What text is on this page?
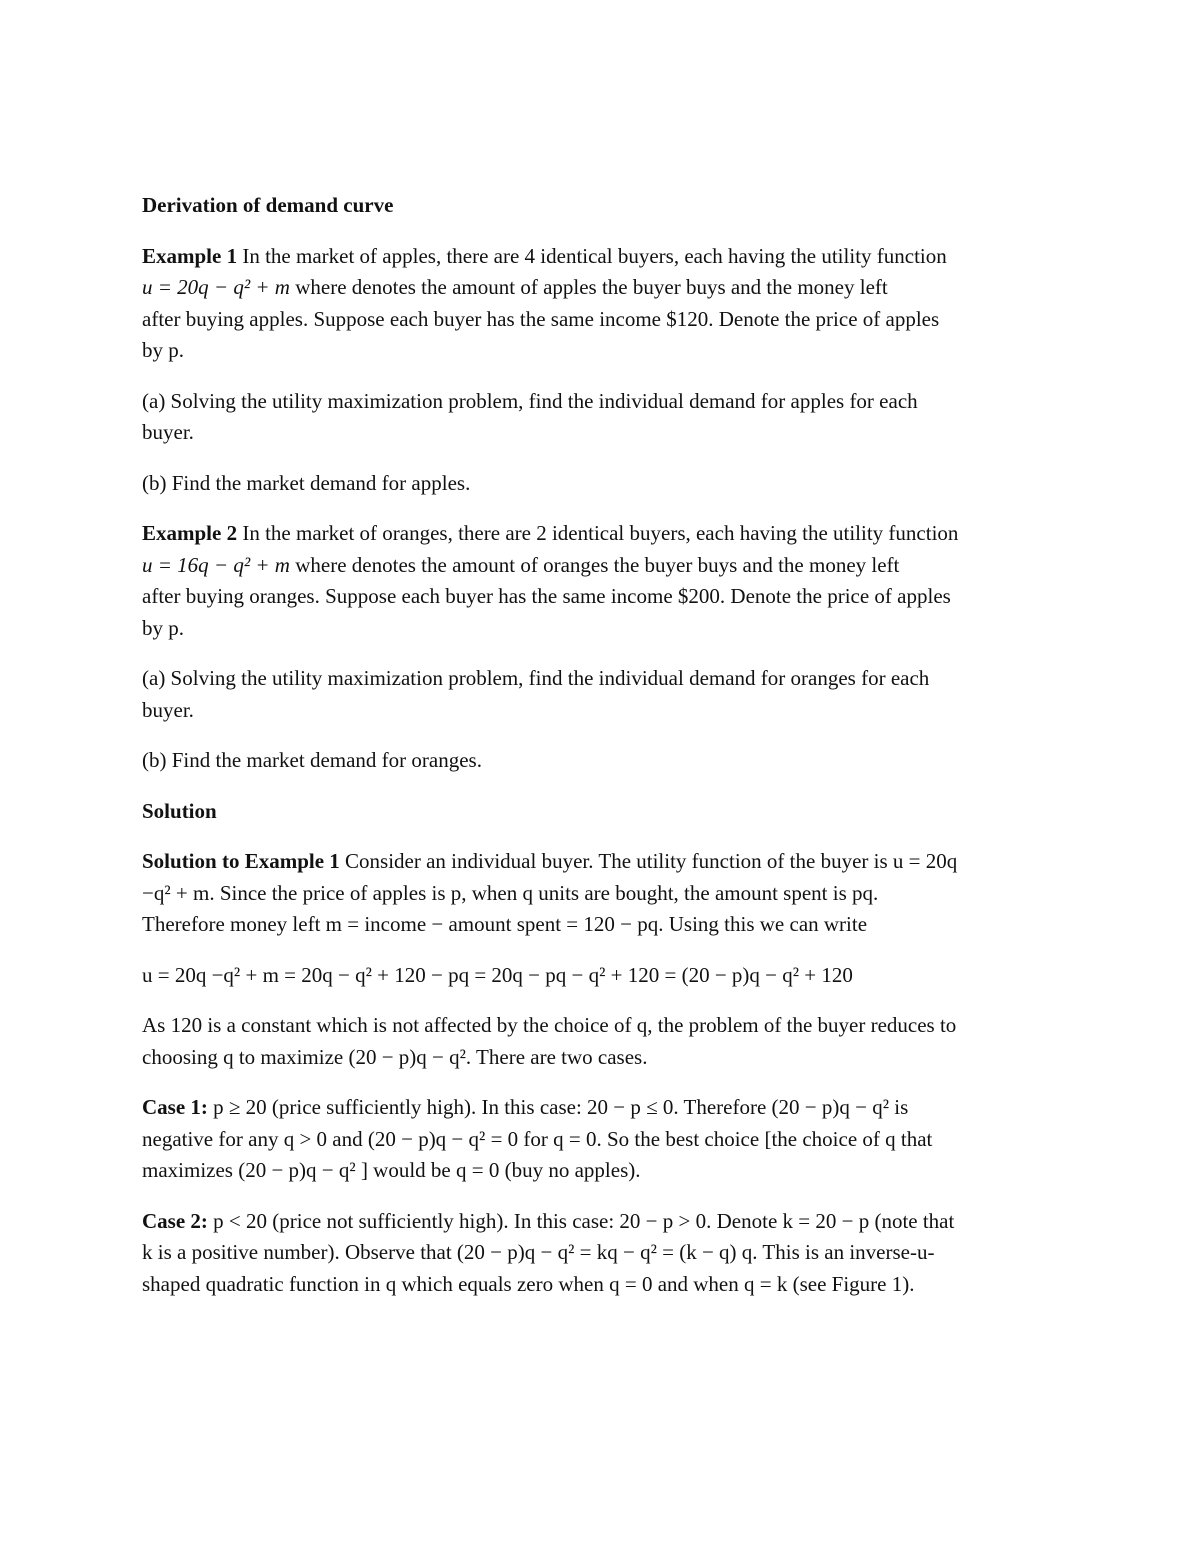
Derivation of demand curve

Example 1 In the market of apples, there are 4 identical buyers, each having the utility function
u = 20q − q² + m where denotes the amount of apples the buyer buys and the money left
after buying apples. Suppose each buyer has the same income $120. Denote the price of apples
by p.

(a) Solving the utility maximization problem, find the individual demand for apples for each
buyer.

(b) Find the market demand for apples.

Example 2 In the market of oranges, there are 2 identical buyers, each having the utility function
u = 16q − q² + m where denotes the amount of oranges the buyer buys and the money left
after buying oranges. Suppose each buyer has the same income $200. Denote the price of apples
by p.

(a) Solving the utility maximization problem, find the individual demand for oranges for each
buyer.

(b) Find the market demand for oranges.

Solution

Solution to Example 1 Consider an individual buyer. The utility function of the buyer is u = 20q
−q² + m. Since the price of apples is p, when q units are bought, the amount spent is pq.
Therefore money left m = income − amount spent = 120 − pq. Using this we can write

u = 20q −q² + m = 20q − q² + 120 − pq = 20q − pq − q² + 120 = (20 − p)q − q² + 120

As 120 is a constant which is not affected by the choice of q, the problem of the buyer reduces to
choosing q to maximize (20 − p)q − q². There are two cases.

Case 1: p ≥ 20 (price sufficiently high). In this case: 20 − p ≤ 0. Therefore (20 − p)q − q² is
negative for any q > 0 and (20 − p)q − q² = 0 for q = 0. So the best choice [the choice of q that
maximizes (20 − p)q − q² ] would be q = 0 (buy no apples).

Case 2: p < 20 (price not sufficiently high). In this case: 20 − p > 0. Denote k = 20 − p (note that
k is a positive number). Observe that (20 − p)q − q² = kq − q² = (k − q) q. This is an inverse-u-
shaped quadratic function in q which equals zero when q = 0 and when q = k (see Figure 1).
